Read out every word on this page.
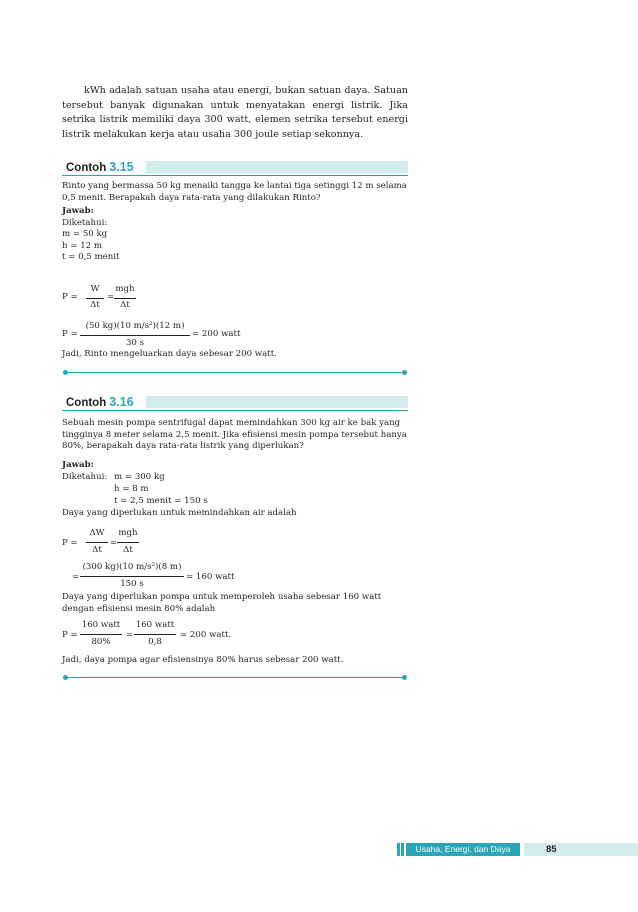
kWh adalah satuan usaha atau energi, bukan satuan daya. Satuan tersebut banyak digunakan untuk menyatakan energi listrik. Jika setrika listrik memiliki daya 300 watt, elemen setrika tersebut energi listrik melakukan kerja atau usaha 300 joule setiap sekonnya.

Contoh 3.15

Rinto yang bermassa 50 kg menaiki tangga ke lantai tiga setinggi 12 m selama 0,5 menit. Berapakah daya rata-rata yang dilakukan Rinto?

Jawab:

Diketahui:

m = 50 kg

h = 12 m

t = 0,5 menit

P =
W
Δt
=
mgh
Δt
P =
(50 kg)(10 m/s²)(12 m)
30 s
= 200 watt

Jadi, Rinto mengeluarkan daya sebesar 200 watt.

Contoh 3.16

Sebuah mesin pompa sentrifugal dapat memindahkan 300 kg air ke bak yang tingginya 8 meter selama 2,5 menit. Jika efisiensi mesin pompa tersebut hanya 80%, berapakah daya rata-rata listrik yang diperlukan?

Jawab:

Diketahui: m = 300 kg
h = 8 m
t = 2,5 menit = 150 s

Daya yang diperlukan untuk memindahkan air adalah

P =
ΔW
Δt
=
mgh
Δt
=
(300 kg)(10 m/s²)(8 m)
150 s
= 160 watt

Daya yang diperlukan pompa untuk memperoleh usaha sebesar 160 watt dengan efisiensi mesin 80% adalah

P =
160 watt
80%
=
160 watt
0,8
= 200 watt.

Jadi, daya pompa agar efisiensinya 80% harus sebesar 200 watt.

Usaha, Energi, dan Daya	85
